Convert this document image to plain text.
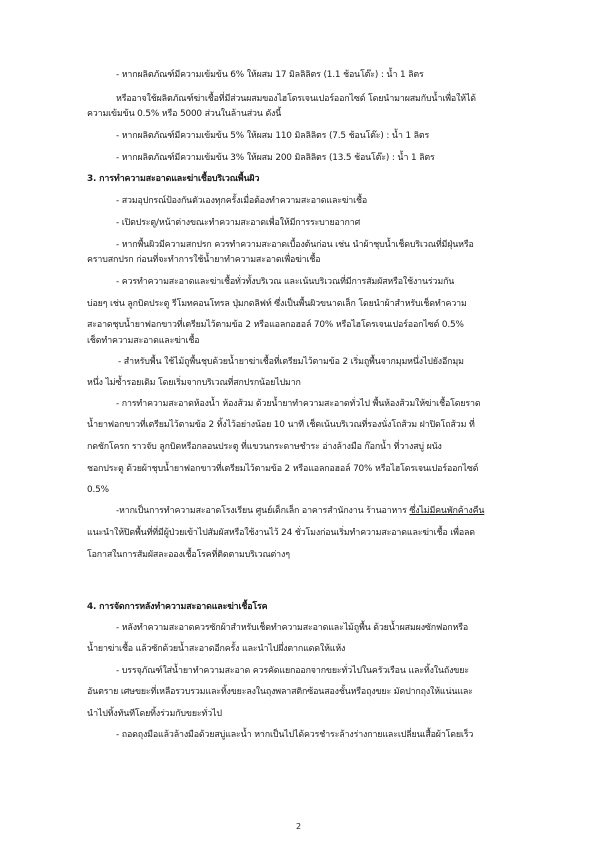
- หากผลิตภัณฑ์มีความเข้มข้น 6% ให้ผสม 17 มิลลิลิตร (1.1 ช้อนโต๊ะ) : น้ำ 1 ลิตร
หรืออาจใช้ผลิตภัณฑ์ฆ่าเชื้อที่มีส่วนผสมของไฮโดรเจนเปอร์ออกไซด์ โดยนำมาผสมกับน้ำเพื่อให้ได้
ความเข้มข้น 0.5% หรือ 5000 ส่วนในล้านส่วน ดังนี้
- หากผลิตภัณฑ์มีความเข้มข้น 5% ให้ผสม 110 มิลลิลิตร (7.5 ช้อนโต๊ะ) : น้ำ 1 ลิตร
- หากผลิตภัณฑ์มีความเข้มข้น 3% ให้ผสม 200 มิลลิลิตร (13.5 ช้อนโต๊ะ) : น้ำ 1 ลิตร
3. การทำความสะอาดและฆ่าเชื้อบริเวณพื้นผิว
- สวมอุปกรณ์ป้องกันตัวเองทุกครั้งเมื่อต้องทำความสะอาดและฆ่าเชื้อ
- เปิดประตู/หน้าต่างขณะทำความสะอาดเพื่อให้มีการระบายอากาศ
- หากพื้นผิวมีความสกปรก ควรทำความสะอาดเบื้องต้นก่อน เช่น นำผ้าชุบน้ำเช็ดบริเวณที่มีฝุ่นหรือ
คราบสกปรก ก่อนที่จะทำการใช้น้ำยาทำความสะอาดเพื่อฆ่าเชื้อ
- ควรทำความสะอาดและฆ่าเชื้อทั่วทั้งบริเวณ และเน้นบริเวณที่มีการสัมผัสหรือใช้งานร่วมกัน
บ่อยๆ เช่น ลูกบิดประตู รีโมทคอนโทรล ปุ่มกดลิฟท์ ซึ่งเป็นพื้นผิวขนาดเล็ก โดยนำผ้าสำหรับเช็ดทำความ
สะอาดชุบน้ำยาฟอกขาวที่เตรียมไว้ตามข้อ 2 หรือแอลกอฮอล์ 70% หรือไฮโดรเจนเปอร์ออกไซด์ 0.5%
เช็ดทำความสะอาดและฆ่าเชื้อ
- สำหรับพื้น ใช้ไม้ถูพื้นชุบด้วยน้ำยาฆ่าเชื้อที่เตรียมไว้ตามข้อ 2 เริ่มถูพื้นจากมุมหนึ่งไปยังอีกมุม
หนึ่ง ไม่ซ้ำรอยเดิม โดยเริ่มจากบริเวณที่สกปรกน้อยไปมาก
- การทำความสะอาดห้องน้ำ ห้องส้วม ด้วยน้ำยาทำความสะอาดทั่วไป พื้นห้องส้วมให้ฆ่าเชื้อโดยราด
น้ำยาฟอกขาวที่เตรียมไว้ตามข้อ 2 ทิ้งไว้อย่างน้อย 10 นาที เช็ดเน้นบริเวณที่รองนั่งโถส้วม ฝาปิดโถส้วม ที่
กดชักโครก ราวจับ ลูกบิดหรือกลอนประตู ที่แขวนกระดาษชำระ อ่างล้างมือ ก๊อกน้ำ ที่วางสบู่ ผนัง
ชอกประตู ด้วยผ้าชุบน้ำยาฟอกขาวที่เตรียมไว้ตามข้อ 2 หรือแอลกอฮอล์ 70% หรือไฮโดรเจนเปอร์ออกไซด์
0.5%
-หากเป็นการทำความสะอาดโรงเรียน ศูนย์เด็กเล็ก อาคารสำนักงาน ร้านอาหาร ซึ่งไม่มีคนพักค้างคืน
แนะนำให้ปิดพื้นที่ที่มีผู้ป่วยเข้าไปสัมผัสหรือใช้งานไว้ 24 ชั่วโมงก่อนเริ่มทำความสะอาดและฆ่าเชื้อ เพื่อลด
โอกาสในการสัมผัสละอองเชื้อโรคที่ติดตามบริเวณต่างๆ
4. การจัดการหลังทำความสะอาดและฆ่าเชื้อโรค
- หลังทำความสะอาดควรซักผ้าสำหรับเช็ดทำความสะอาดและไม้ถูพื้น ด้วยน้ำผสมผงซักฟอกหรือ
น้ำยาฆ่าเชื้อ แล้วซักด้วยน้ำสะอาดอีกครั้ง และนำไปผึ่งตากแดดให้แห้ง
- บรรจุภัณฑ์ใส่น้ำยาทำความสะอาด ควรคัดแยกออกจากขยะทั่วไปในครัวเรือน และทิ้งในถังขยะ
อันตราย เศษขยะที่เหลือรวบรวมและทิ้งขยะลงในถุงพลาสติกซ้อนสองชั้นหรือถุงขยะ มัดปากถุงให้แน่นและ
นำไปทิ้งทันทีโดยทิ้งร่วมกับขยะทั่วไป
- ถอดถุงมือแล้วล้างมือด้วยสบู่และน้ำ หากเป็นไปได้ควรชำระล้างร่างกายและเปลี่ยนเสื้อผ้าโดยเร็ว
2
